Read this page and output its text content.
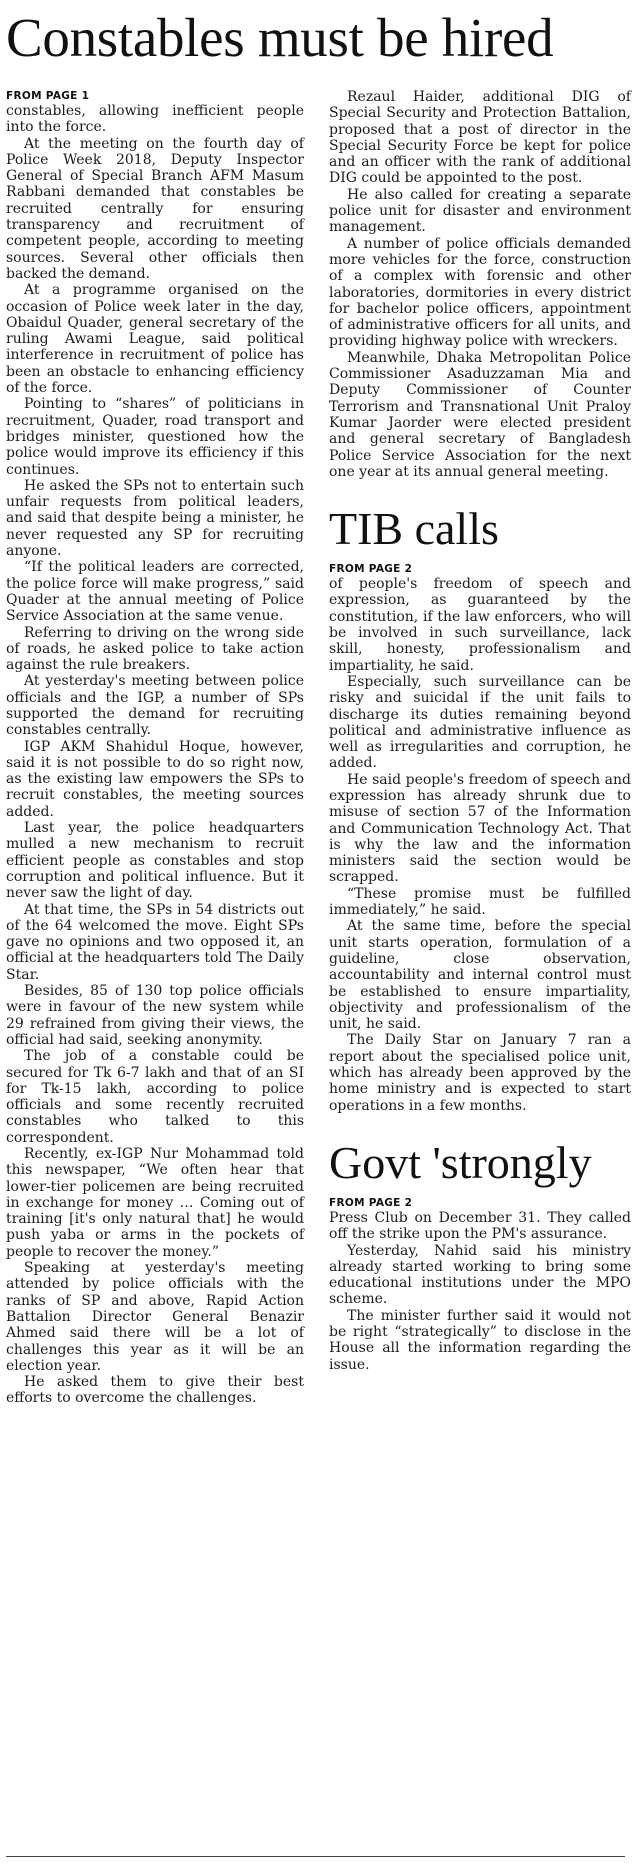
Constables must be hired
FROM PAGE 1

constables, allowing inefficient people into the force.

At the meeting on the fourth day of Police Week 2018, Deputy Inspector General of Special Branch AFM Masum Rabbani demanded that constables be recruited centrally for ensuring transparency and recruitment of competent people, according to meeting sources. Several other officials then backed the demand.

At a programme organised on the occasion of Police week later in the day, Obaidul Quader, general secretary of the ruling Awami League, said political interference in recruitment of police has been an obstacle to enhancing efficiency of the force.

Pointing to “shares” of politicians in recruitment, Quader, road transport and bridges minister, questioned how the police would improve its efficiency if this continues.

He asked the SPs not to entertain such unfair requests from political leaders, and said that despite being a minister, he never requested any SP for recruiting anyone.

“If the political leaders are corrected, the police force will make progress,” said Quader at the annual meeting of Police Service Association at the same venue.

Referring to driving on the wrong side of roads, he asked police to take action against the rule breakers.

At yesterday's meeting between police officials and the IGP, a number of SPs supported the demand for recruiting constables centrally.

IGP AKM Shahidul Hoque, however, said it is not possible to do so right now, as the existing law empowers the SPs to recruit constables, the meeting sources added.

Last year, the police headquarters mulled a new mechanism to recruit efficient people as constables and stop corruption and political influence. But it never saw the light of day.

At that time, the SPs in 54 districts out of the 64 welcomed the move. Eight SPs gave no opinions and two opposed it, an official at the headquarters told The Daily Star.

Besides, 85 of 130 top police officials were in favour of the new system while 29 refrained from giving their views, the official had said, seeking anonymity.

The job of a constable could be secured for Tk 6-7 lakh and that of an SI for Tk-15 lakh, according to police officials and some recently recruited constables who talked to this correspondent.

Recently, ex-IGP Nur Mohammad told this newspaper, “We often hear that lower-tier policemen are being recruited in exchange for money … Coming out of training [it's only natural that] he would push yaba or arms in the pockets of people to recover the money.”

Speaking at yesterday's meeting attended by police officials with the ranks of SP and above, Rapid Action Battalion Director General Benazir Ahmed said there will be a lot of challenges this year as it will be an election year.

He asked them to give their best efforts to overcome the challenges.

Rezaul Haider, additional DIG of Special Security and Protection Battalion, proposed that a post of director in the Special Security Force be kept for police and an officer with the rank of additional DIG could be appointed to the post.

He also called for creating a separate police unit for disaster and environment management.

A number of police officials demanded more vehicles for the force, construction of a complex with forensic and other laboratories, dormitories in every district for bachelor police officers, appointment of administrative officers for all units, and providing highway police with wreckers.

Meanwhile, Dhaka Metropolitan Police Commissioner Asaduzzaman Mia and Deputy Commissioner of Counter Terrorism and Transnational Unit Praloy Kumar Jaorder were elected president and general secretary of Bangladesh Police Service Association for the next one year at its annual general meeting.

TIB calls
FROM PAGE 2

of people's freedom of speech and expression, as guaranteed by the constitution, if the law enforcers, who will be involved in such surveillance, lack skill, honesty, professionalism and impartiality, he said.

Especially, such surveillance can be risky and suicidal if the unit fails to discharge its duties remaining beyond political and administrative influence as well as irregularities and corruption, he added.

He said people's freedom of speech and expression has already shrunk due to misuse of section 57 of the Information and Communication Technology Act. That is why the law and the information ministers said the section would be scrapped.

“These promise must be fulfilled immediately,” he said.

At the same time, before the special unit starts operation, formulation of a guideline, close observation, accountability and internal control must be established to ensure impartiality, objectivity and professionalism of the unit, he said.

The Daily Star on January 7 ran a report about the specialised police unit, which has already been approved by the home ministry and is expected to start operations in a few months.

Govt 'strongly
FROM PAGE 2

Press Club on December 31. They called off the strike upon the PM's assurance.

Yesterday, Nahid said his ministry already started working to bring some educational institutions under the MPO scheme.

The minister further said it would not be right “strategically” to disclose in the House all the information regarding the issue.
